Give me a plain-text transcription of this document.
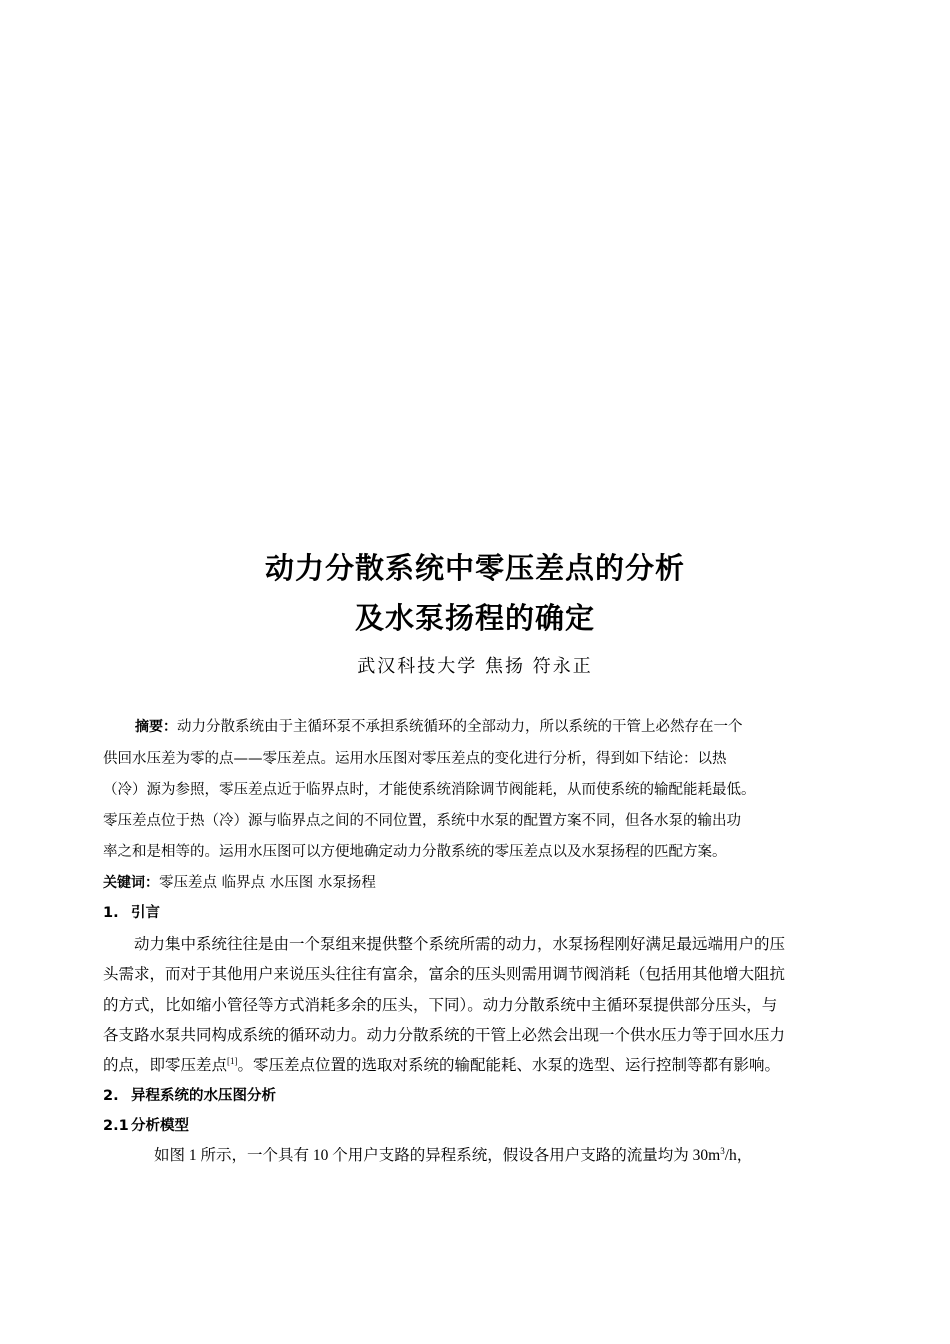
动力分散系统中零压差点的分析
及水泵扬程的确定
武汉科技大学 焦扬 符永正
摘要：动力分散系统由于主循环泵不承担系统循环的全部动力，所以系统的干管上必然存在一个
供回水压差为零的点——零压差点。运用水压图对零压差点的变化进行分析，得到如下结论：以热
（冷）源为参照，零压差点近于临界点时，才能使系统消除调节阀能耗，从而使系统的输配能耗最低。
零压差点位于热（冷）源与临界点之间的不同位置，系统中水泵的配置方案不同，但各水泵的输出功
率之和是相等的。运用水压图可以方便地确定动力分散系统的零压差点以及水泵扬程的匹配方案。
关键词：零压差点 临界点 水压图 水泵扬程
1. 引言
动力集中系统往往是由一个泵组来提供整个系统所需的动力，水泵扬程刚好满足最远端用户的压
头需求，而对于其他用户来说压头往往有富余，富余的压头则需用调节阀消耗（包括用其他增大阻抗
的方式，比如缩小管径等方式消耗多余的压头，下同）。动力分散系统中主循环泵提供部分压头，与
各支路水泵共同构成系统的循环动力。动力分散系统的干管上必然会出现一个供水压力等于回水压力
的点，即零压差点[1]。零压差点位置的选取对系统的输配能耗、水泵的选型、运行控制等都有影响。
2. 异程系统的水压图分析
2.1 分析模型
如图 1 所示，一个具有 10 个用户支路的异程系统，假设各用户支路的流量均为 $30m^3/h$，
